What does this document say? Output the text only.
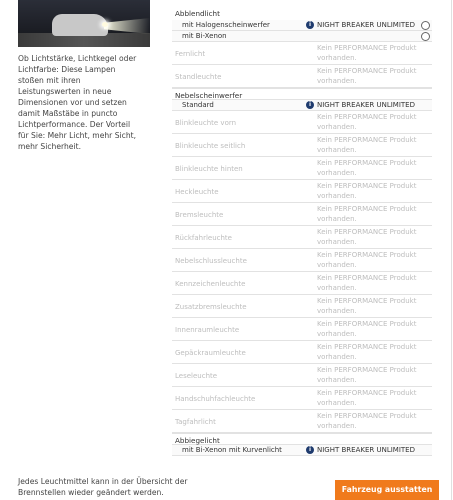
Ob Lichtstärke, Lichtkegel oder Lichtfarbe: Diese Lampen stoßen mit ihren Leistungswerten in neue Dimensionen vor und setzen damit Maßstäbe in puncto Lichtperformance. Der Vorteil für Sie: Mehr Licht, mehr Sicht, mehr Sicherheit.
Abblendlicht
mit Halogenscheinwerfer	i NIGHT BREAKER UNLIMITED
mit Bi-Xenon
Fernlicht
Kein PERFORMANCE Produkt vorhanden.
Standleuchte
Kein PERFORMANCE Produkt vorhanden.
Nebelscheinwerfer
Standard	i NIGHT BREAKER UNLIMITED
Blinkleuchte vorn
Kein PERFORMANCE Produkt vorhanden.
Blinkleuchte seitlich
Kein PERFORMANCE Produkt vorhanden.
Blinkleuchte hinten
Kein PERFORMANCE Produkt vorhanden.
Heckleuchte
Kein PERFORMANCE Produkt vorhanden.
Bremsleuchte
Kein PERFORMANCE Produkt vorhanden.
Rückfahrleuchte
Kein PERFORMANCE Produkt vorhanden.
Nebelschlussleuchte
Kein PERFORMANCE Produkt vorhanden.
Kennzeichenleuchte
Kein PERFORMANCE Produkt vorhanden.
Zusatzbremsleuchte
Kein PERFORMANCE Produkt vorhanden.
Innenraumleuchte
Kein PERFORMANCE Produkt vorhanden.
Gepäckraumleuchte
Kein PERFORMANCE Produkt vorhanden.
Leseleuchte
Kein PERFORMANCE Produkt vorhanden.
Handschuhfachleuchte
Kein PERFORMANCE Produkt vorhanden.
Tagfahrlicht
Kein PERFORMANCE Produkt vorhanden.
Abbiegelicht
mit Bi-Xenon mit Kurvenlicht	i NIGHT BREAKER UNLIMITED
Jedes Leuchtmittel kann in der Übersicht der Brennstellen wieder geändert werden.	Fahrzeug ausstatten
